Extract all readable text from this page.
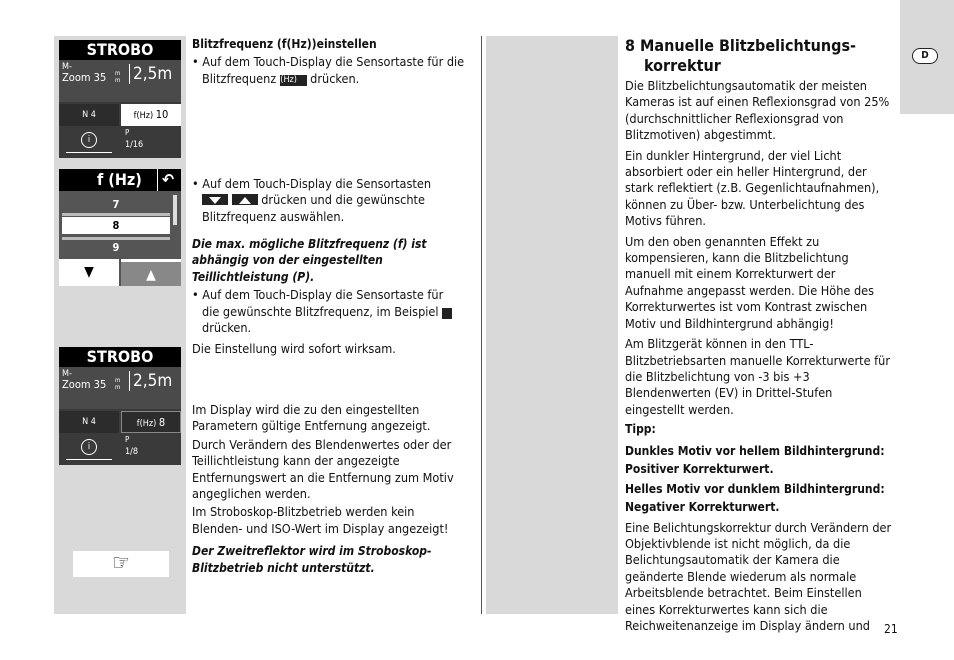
D
STROBO
M-
Zoom 35 m m 2,5m
N 4	f(Hz) 10
i
P
1/16
f (Hz)	↶
7
8
9
▼	▲
STROBO
M-
Zoom 35 m m 2,5m
N 4	f(Hz) 8
i
P
1/8
☞
Blitzfrequenz (f(Hz))einstellen
• Auf dem Touch-Display die Sensortaste für die Blitzfrequenz f (Hz) drücken.
• Auf dem Touch-Display die Sensortasten
drücken und die gewünschte
Blitzfrequenz auswählen.
Die max. mögliche Blitzfrequenz (f) ist abhängig von der eingestellten Teillichtleistung (P).
• Auf dem Touch-Display die Sensortaste für die gewünschte Blitzfrequenz, im Beispiel 8 drücken.
Die Einstellung wird sofort wirksam.
Im Display wird die zu den eingestellten Parametern gültige Entfernung angezeigt.
Durch Verändern des Blendenwertes oder der Teillichtleistung kann der angezeigte Entfernungswert an die Entfernung zum Motiv angeglichen werden.
Im Stroboskop-Blitzbetrieb werden kein Blenden- und ISO-Wert im Display angezeigt!
Der Zweitreflektor wird im Stroboskop-Blitzbetrieb nicht unterstützt.
8 Manuelle Blitzbelichtungs-
korrektur
Die Blitzbelichtungsautomatik der meisten Kameras ist auf einen Reflexionsgrad von 25% (durchschnittlicher Reflexionsgrad von Blitzmotiven) abgestimmt.
Ein dunkler Hintergrund, der viel Licht absorbiert oder ein heller Hintergrund, der stark reflektiert (z.B. Gegenlichtaufnahmen), können zu Über- bzw. Unterbelichtung des Motivs führen.
Um den oben genannten Effekt zu kompensieren, kann die Blitzbelichtung manuell mit einem Korrekturwert der Aufnahme angepasst werden. Die Höhe des Korrekturwertes ist vom Kontrast zwischen Motiv und Bildhintergrund abhängig!
Am Blitzgerät können in den TTL-Blitzbetriebsarten manuelle Korrekturwerte für die Blitzbelichtung von -3 bis +3 Blendenwerten (EV) in Drittel-Stufen eingestellt werden.
Tipp:
Dunkles Motiv vor hellem Bildhintergrund: Positiver Korrekturwert.
Helles Motiv vor dunklem Bildhintergrund: Negativer Korrekturwert.
Eine Belichtungskorrektur durch Verändern der Objektivblende ist nicht möglich, da die Belichtungsautomatik der Kamera die geänderte Blende wiederum als normale Arbeitsblende betrachtet. Beim Einstellen eines Korrekturwertes kann sich die Reichweitenanzeige im Display ändern und	21
